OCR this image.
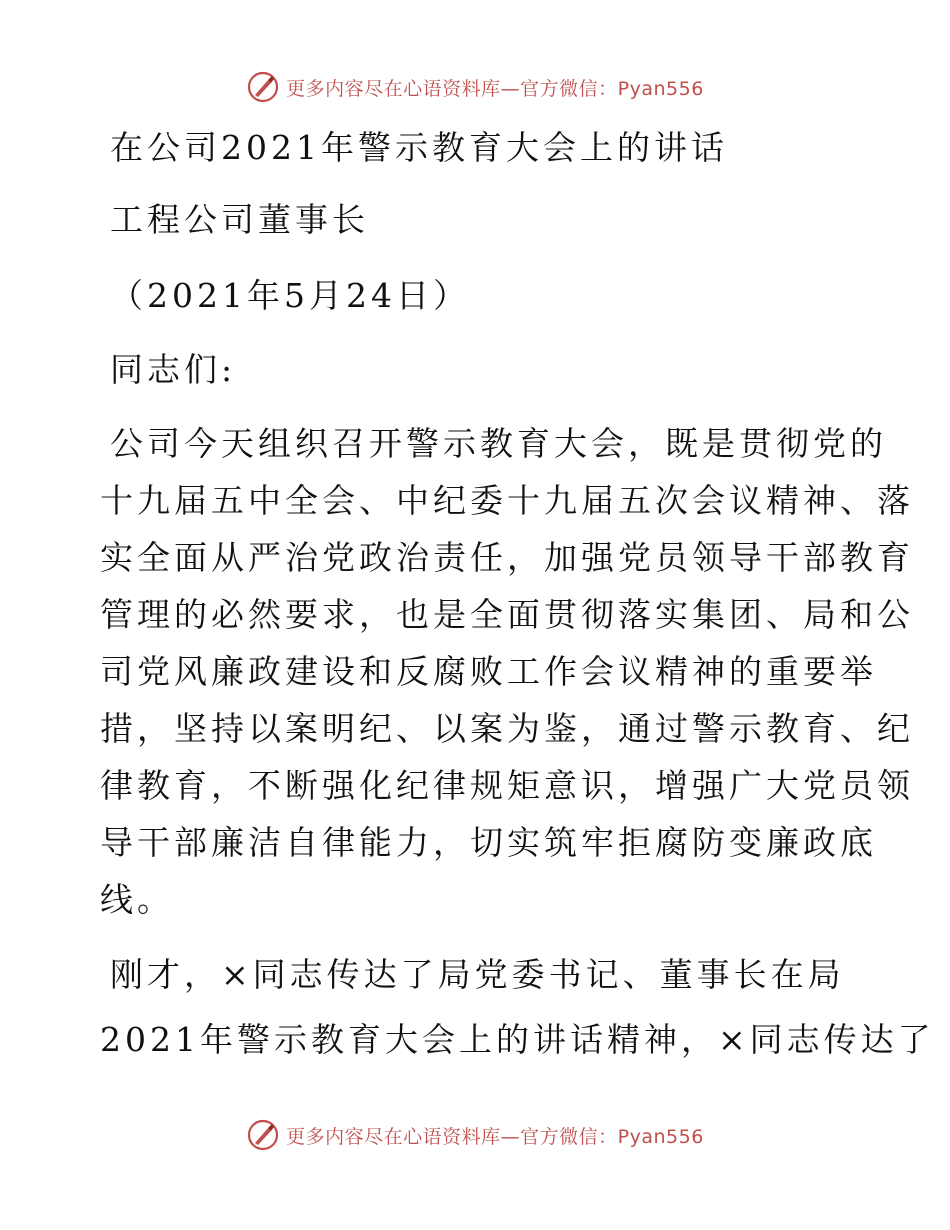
更多内容尽在心语资料库—官方微信：Pyan556
在公司2021年警示教育大会上的讲话
工程公司董事长
（2021年5月24日）
同志们:
公司今天组织召开警示教育大会，既是贯彻党的
十九届五中全会、中纪委十九届五次会议精神、落
实全面从严治党政治责任，加强党员领导干部教育
管理的必然要求，也是全面贯彻落实集团、局和公
司党风廉政建设和反腐败工作会议精神的重要举
措，坚持以案明纪、以案为鉴，通过警示教育、纪
律教育，不断强化纪律规矩意识，增强广大党员领
导干部廉洁自律能力，切实筑牢拒腐防变廉政底
线。
刚才，×同志传达了局党委书记、董事长在局
2021年警示教育大会上的讲话精神，×同志传达了
更多内容尽在心语资料库—官方微信：Pyan556
